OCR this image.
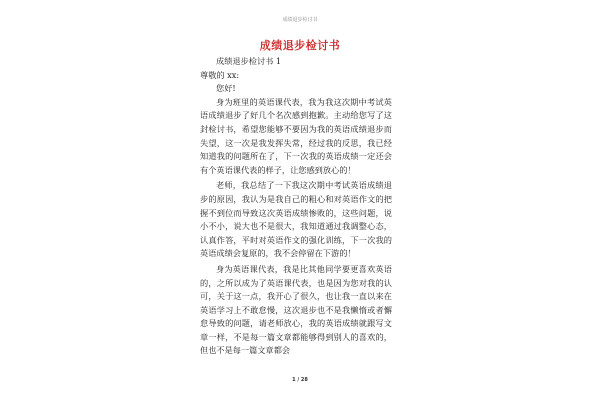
成绩退步检讨书
成绩退步检讨书

成绩退步检讨书 1

尊敬的 xx:

您好!

身为班里的英语课代表，我为我这次期中考试英语成绩退步了好几个名次感到抱歉。主动给您写了这封检讨书，希望您能够不要因为我的英语成绩退步而失望，这一次是我发挥失常，经过我的反思，我已经知道我的问题所在了，下一次我的英语成绩一定还会有个英语课代表的样子，让您感到放心的！

老师，我总结了一下我这次期中考试英语成绩退步的原因，我认为是我自己的粗心和对英语作文的把握不到位而导致这次英语成绩惨败的，这些问题，说小不小，说大也不是很大，我知道通过我调整心态，认真作答，平时对英语作文的强化训练，下一次我的英语成绩会复原的，我不会停留在下游的！

身为英语课代表，我是比其他同学要更喜欢英语的，之所以成为了英语课代表，也是因为您对我的认可，关于这一点，我开心了很久，也让我一直以来在英语学习上不敢怠慢，这次退步也不是我懒惰或者懈怠导致的问题，请老师放心，我的英语成绩就跟写文章一样，不是每一篇文章都能够得到别人的喜欢的，但也不是每一篇文章都会

1 / 28
